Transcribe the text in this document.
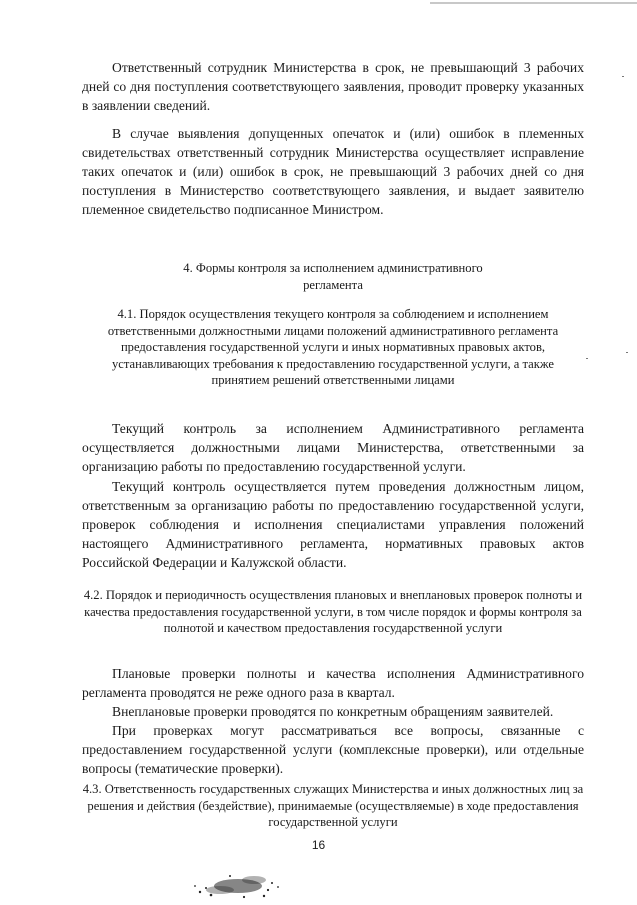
Ответственный сотрудник Министерства в срок, не превышающий 3 рабочих дней со дня поступления соответствующего заявления, проводит проверку указанных в заявлении сведений.

В случае выявления допущенных опечаток и (или) ошибок в племенных свидетельствах ответственный сотрудник Министерства осуществляет исправление таких опечаток и (или) ошибок в срок, не превышающий 3 рабочих дней со дня поступления в Министерство соответствующего заявления, и выдает заявителю племенное свидетельство подписанное Министром.

4. Формы контроля за исполнением административного регламента

4.1. Порядок осуществления текущего контроля за соблюдением и исполнением ответственными должностными лицами положений административного регламента предоставления государственной услуги и иных нормативных правовых актов, устанавливающих требования к предоставлению государственной услуги, а также принятием решений ответственными лицами

Текущий контроль за исполнением Административного регламента осуществляется должностными лицами Министерства, ответственными за организацию работы по предоставлению государственной услуги.

Текущий контроль осуществляется путем проведения должностным лицом, ответственным за организацию работы по предоставлению государственной услуги, проверок соблюдения и исполнения специалистами управления положений настоящего Административного регламента, нормативных правовых актов Российской Федерации и Калужской области.

4.2. Порядок и периодичность осуществления плановых и внеплановых проверок полноты и качества предоставления государственной услуги, в том числе порядок и формы контроля за полнотой и качеством предоставления государственной услуги

Плановые проверки полноты и качества исполнения Административного регламента проводятся не реже одного раза в квартал.

Внеплановые проверки проводятся по конкретным обращениям заявителей.

При проверках могут рассматриваться все вопросы, связанные с предоставлением государственной услуги (комплексные проверки), или отдельные вопросы (тематические проверки).

4.3. Ответственность государственных служащих Министерства и иных должностных лиц за решения и действия (бездействие), принимаемые (осуществляемые) в ходе предоставления государственной услуги

16
